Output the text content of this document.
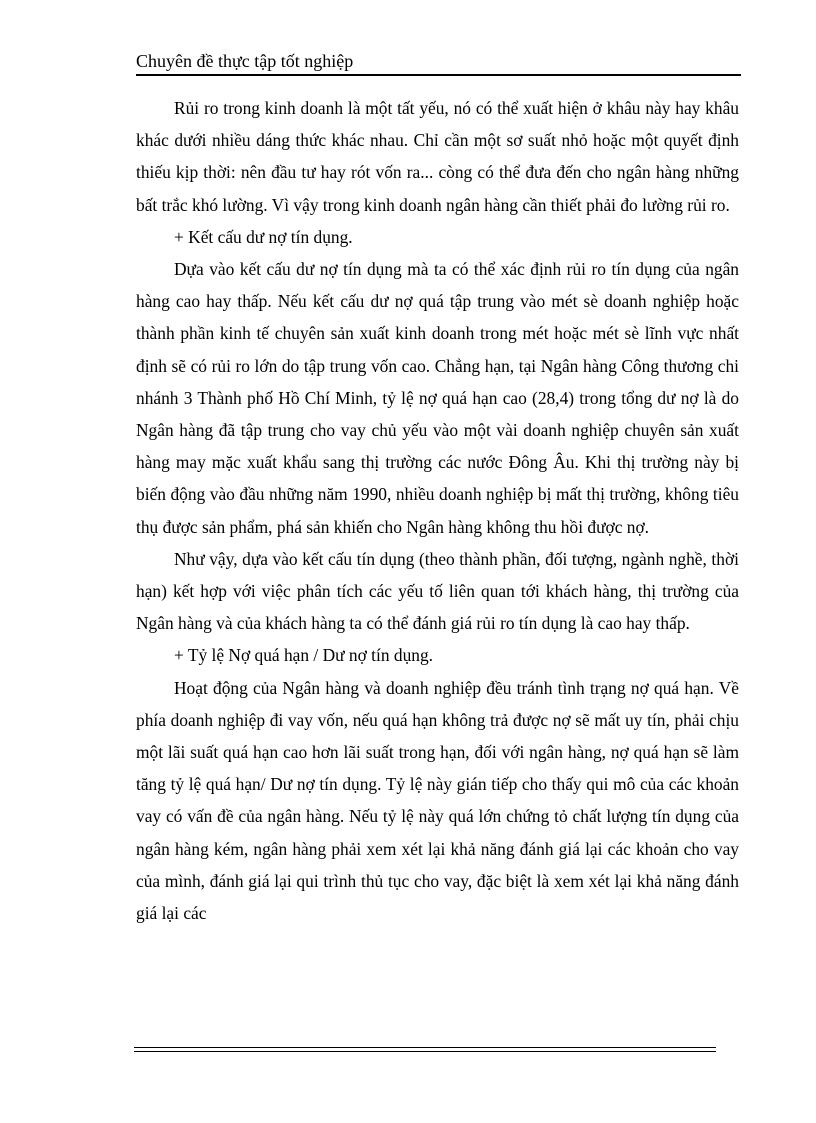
Chuyên đề thực tập tốt nghiệp

Rủi ro trong kinh doanh là một tất yếu, nó có thể xuất hiện ở khâu này hay khâu khác dưới nhiều dáng thức khác nhau. Chỉ cần một sơ suất nhỏ hoặc một quyết định thiếu kịp thời: nên đầu tư hay rót vốn ra... còng có thể đưa đến cho ngân hàng những bất trắc khó lường. Vì vậy trong kinh doanh ngân hàng cần thiết phải đo lường rủi ro.

+ Kết cấu dư nợ tín dụng.

Dựa vào kết cấu dư nợ tín dụng mà ta có thể xác định rủi ro tín dụng của ngân hàng cao hay thấp. Nếu kết cấu dư nợ quá tập trung vào mét sè doanh nghiệp hoặc thành phần kinh tế chuyên sản xuất kinh doanh trong mét hoặc mét sè lĩnh vực nhất định sẽ có rủi ro lớn do tập trung vốn cao. Chẳng hạn, tại Ngân hàng Công thương chi nhánh 3 Thành phố Hồ Chí Minh, tỷ lệ nợ quá hạn cao (28,4) trong tổng dư nợ là do Ngân hàng đã tập trung cho vay chủ yếu vào một vài doanh nghiệp chuyên sản xuất hàng may mặc xuất khẩu sang thị trường các nước Đông Âu. Khi thị trường này bị biến động vào đầu những năm 1990, nhiều doanh nghiệp bị mất thị trường, không tiêu thụ được sản phẩm, phá sản khiến cho Ngân hàng không thu hồi được nợ.

Như vậy, dựa vào kết cấu tín dụng (theo thành phần, đối tượng, ngành nghề, thời hạn) kết hợp với việc phân tích các yếu tố liên quan tới khách hàng, thị trường của Ngân hàng và của khách hàng ta có thể đánh giá rủi ro tín dụng là cao hay thấp.

+ Tỷ lệ Nợ quá hạn / Dư nợ tín dụng.

Hoạt động của Ngân hàng và doanh nghiệp đều tránh tình trạng nợ quá hạn. Về phía doanh nghiệp đi vay vốn, nếu quá hạn không trả được nợ sẽ mất uy tín, phải chịu một lãi suất quá hạn cao hơn lãi suất trong hạn, đối với ngân hàng, nợ quá hạn sẽ làm tăng tỷ lệ quá hạn/ Dư nợ tín dụng. Tỷ lệ này gián tiếp cho thấy qui mô của các khoản vay có vấn đề của ngân hàng. Nếu tỷ lệ này quá lớn chứng tỏ chất lượng tín dụng của ngân hàng kém, ngân hàng phải xem xét lại khả năng đánh giá lại các khoản cho vay của mình, đánh giá lại qui trình thủ tục cho vay, đặc biệt là xem xét lại khả năng đánh giá lại các
